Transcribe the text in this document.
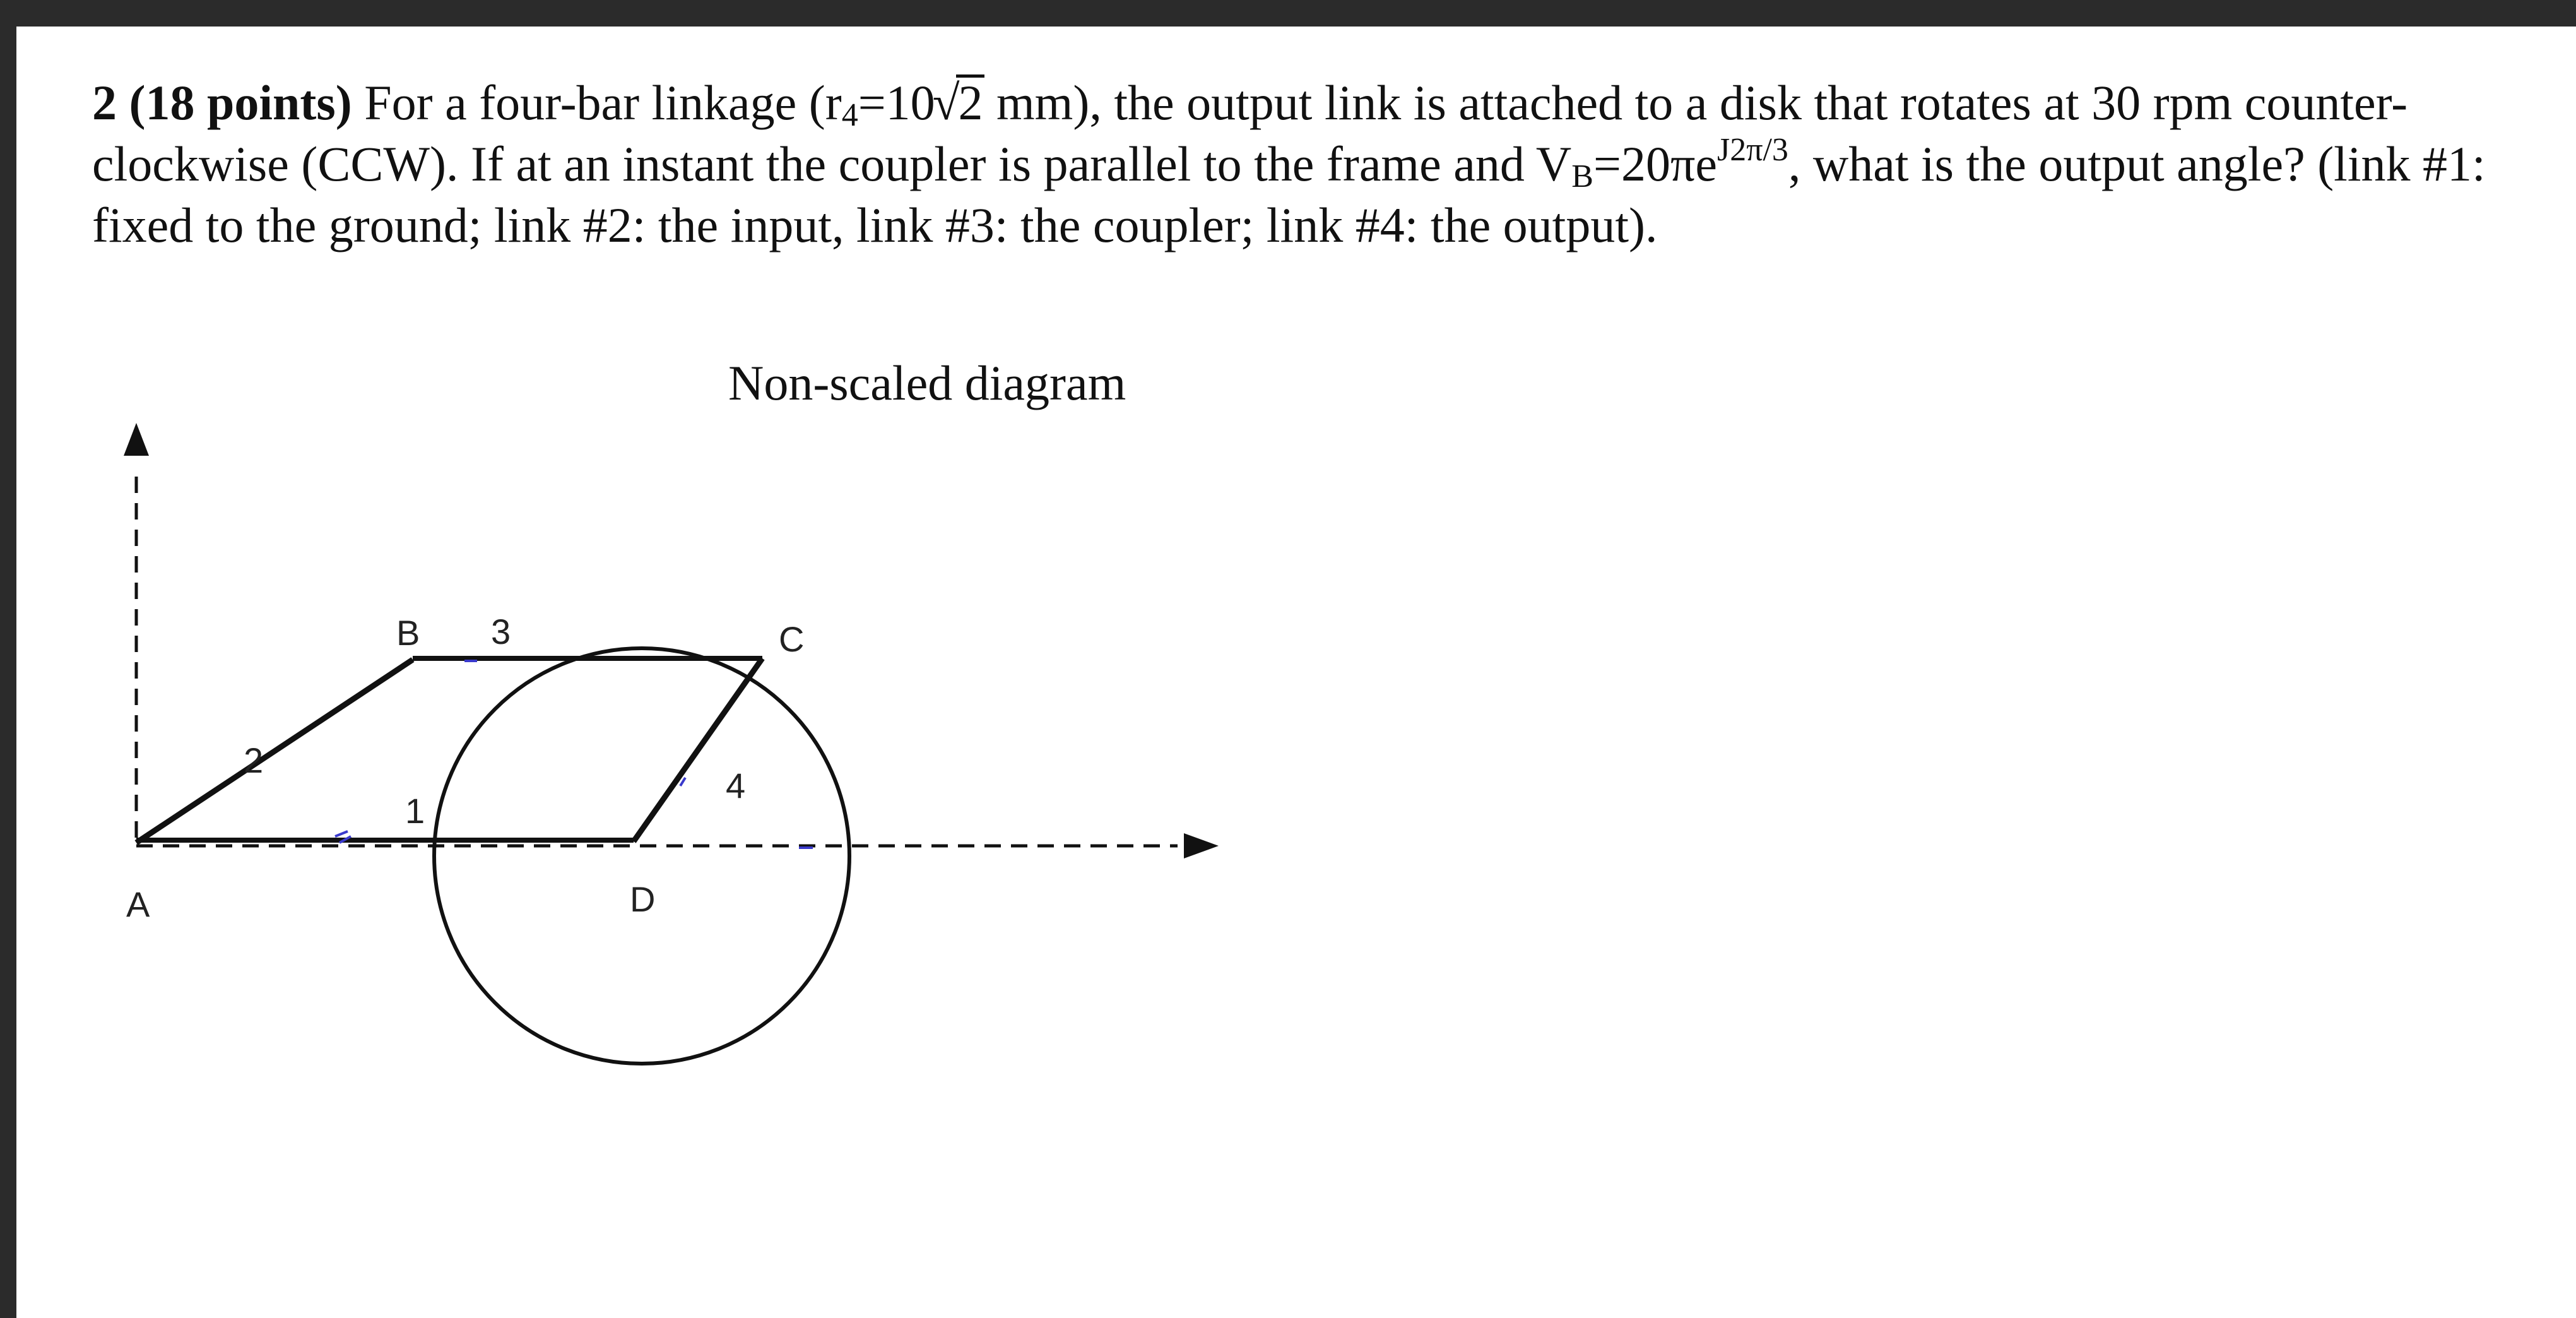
2 (18 points) For a four-bar linkage ($r_4=10√2$ mm), the output link is attached to a disk that rotates at 30 rpm counter-clockwise (CCW). If at an instant the coupler is parallel to the frame and $V_B=20\pi e^{J2\pi/3}$, what is the output angle? (link #1: fixed to the ground; link #2: the input, link #3: the coupler; link #4: the output).

Non-scaled diagram

A
B	C
D
1
2
3
4
